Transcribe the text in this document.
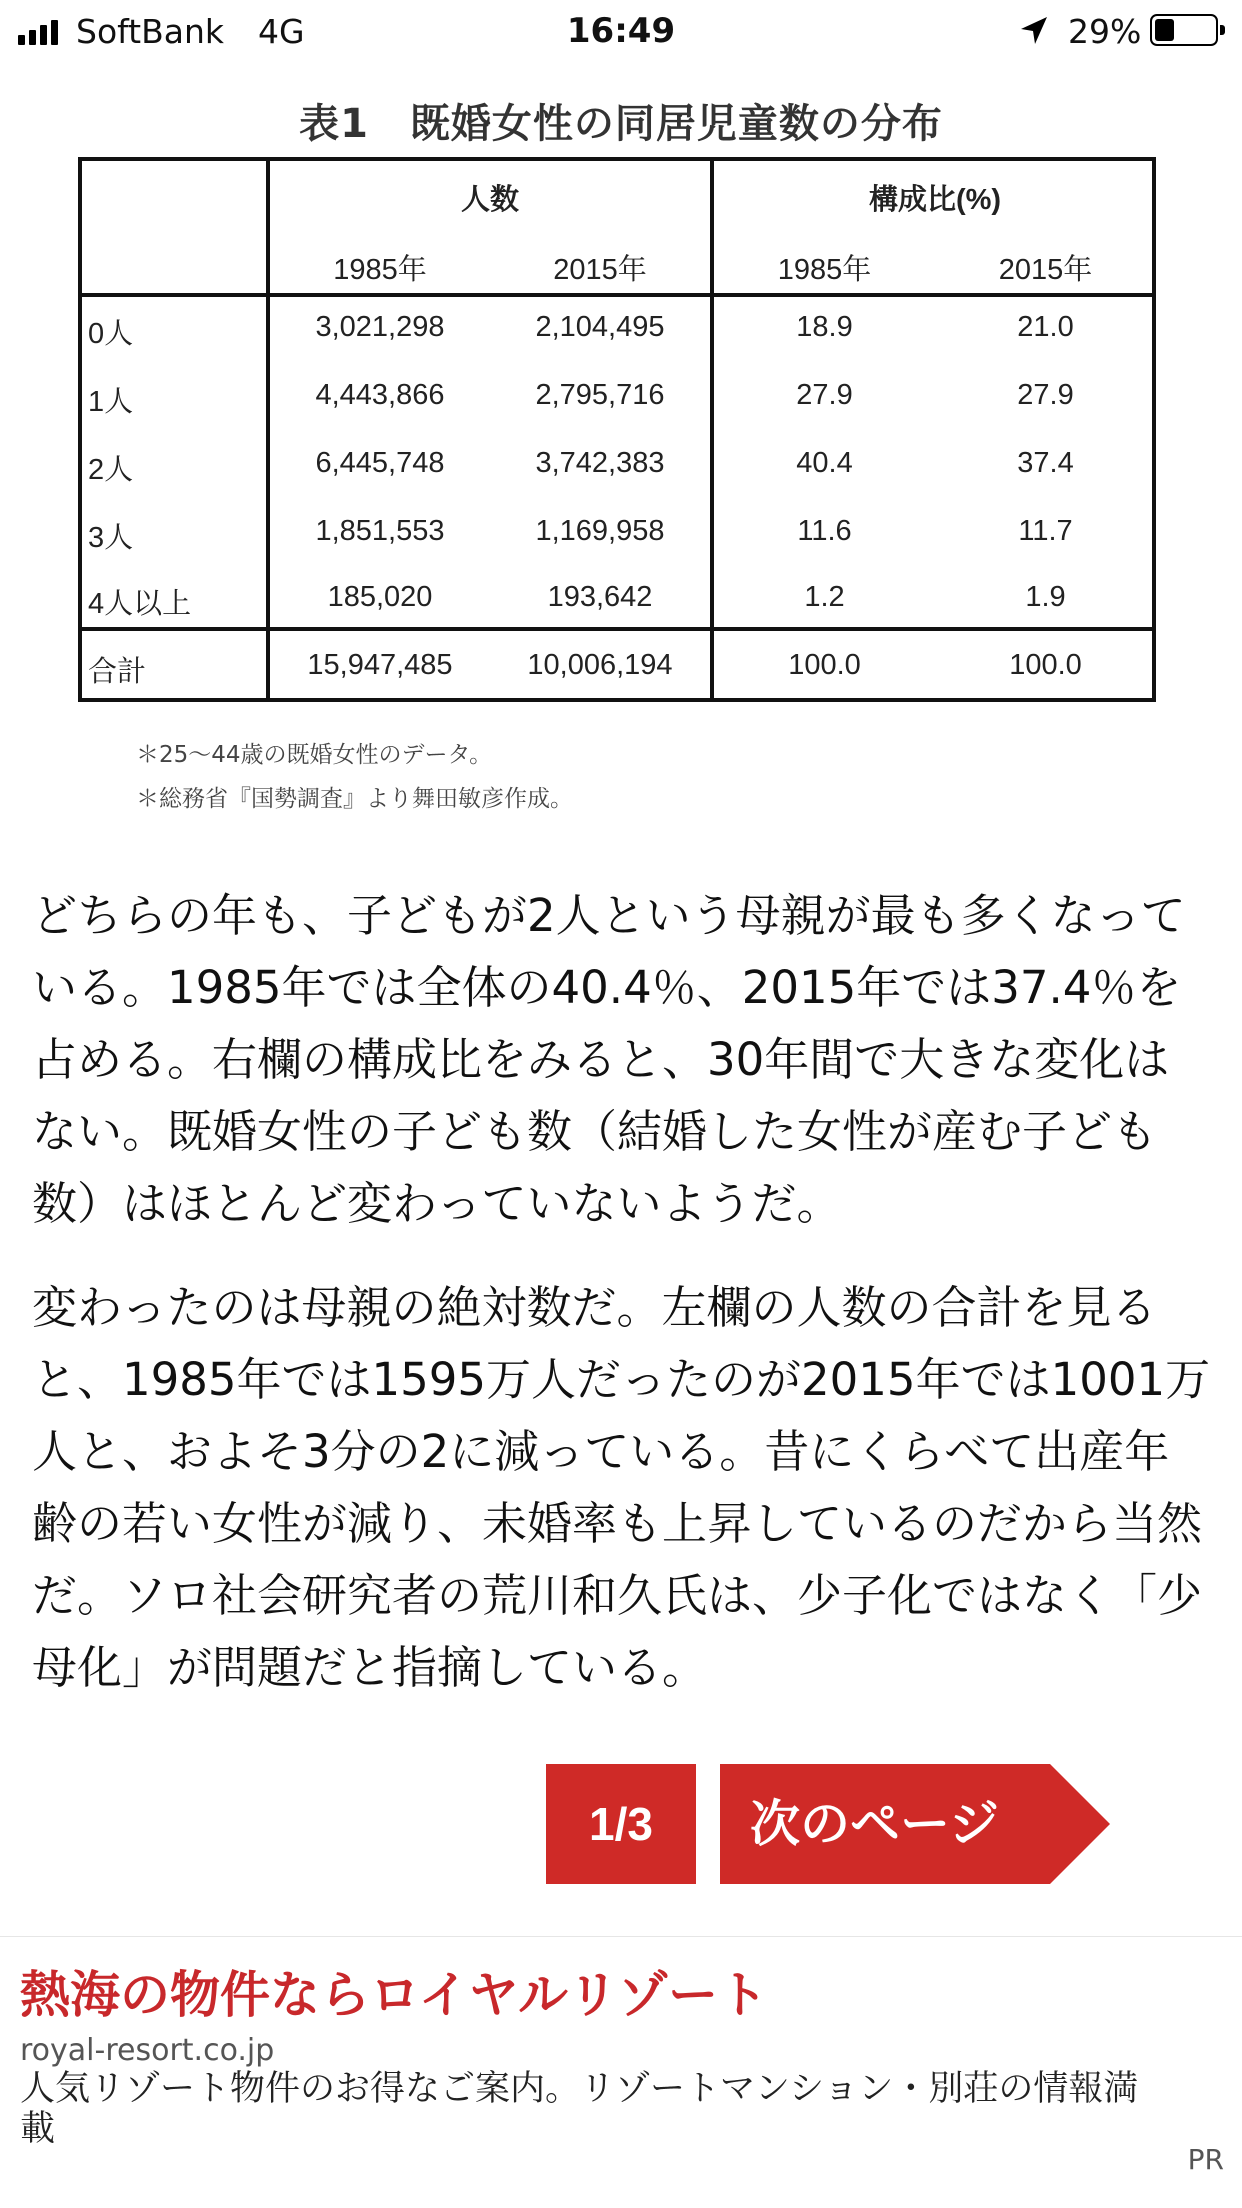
SoftBank 4G	16:49	29%
表1　既婚女性の同居児童数の分布
人数	構成比(%)
1985年	2015年	1985年	2015年
0人	3,021,298	2,104,495	18.9	21.0
1人	4,443,866	2,795,716	27.9	27.9
2人	6,445,748	3,742,383	40.4	37.4
3人	1,851,553	1,169,958	11.6	11.7
4人以上	185,020	193,642	1.2	1.9
合計	15,947,485	10,006,194	100.0	100.0
＊25～44歳の既婚女性のデータ。
＊総務省『国勢調査』より舞田敏彦作成。

どちらの年も、子どもが2人という母親が最も多くなっている。1985年では全体の40.4％、2015年では37.4％を占める。右欄の構成比をみると、30年間で大きな変化はない。既婚女性の子ども数（結婚した女性が産む子ども数）はほとんど変わっていないようだ。

変わったのは母親の絶対数だ。左欄の人数の合計を見ると、1985年では1595万人だったのが2015年では1001万人と、およそ3分の2に減っている。昔にくらべて出産年齢の若い女性が減り、未婚率も上昇しているのだから当然だ。ソロ社会研究者の荒川和久氏は、少子化ではなく「少母化」が問題だと指摘している。

1/3	次のページ
熱海の物件ならロイヤルリゾート
royal-resort.co.jp
人気リゾート物件のお得なご案内。リゾートマンション・別荘の情報満載
PR
